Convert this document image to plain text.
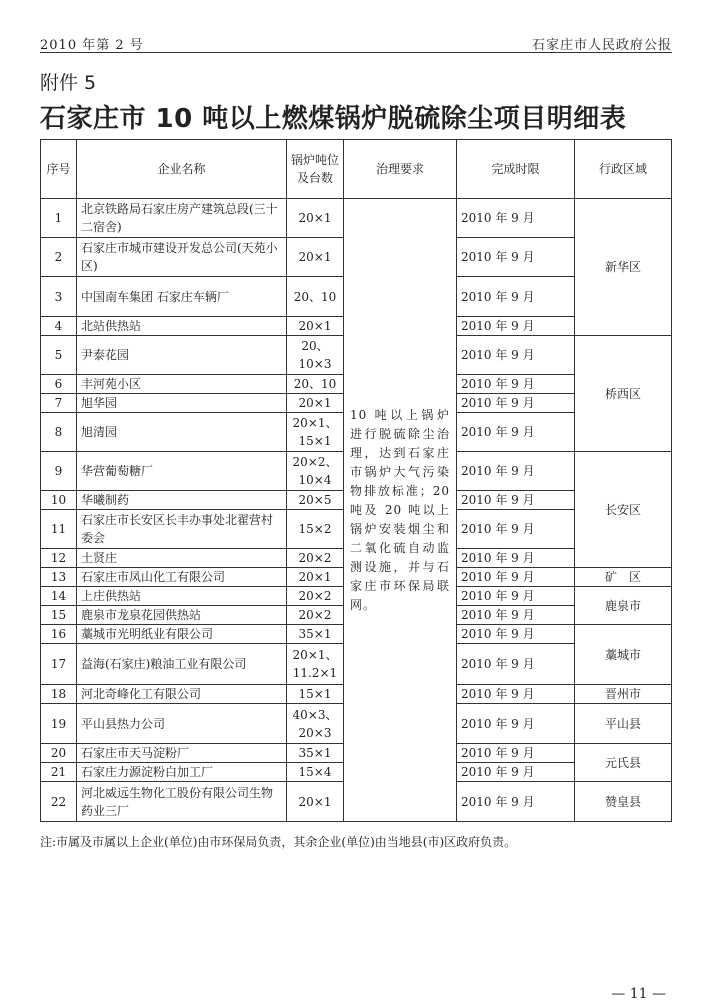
2010 年第 2 号	石家庄市人民政府公报
附件 5
石家庄市 10 吨以上燃煤锅炉脱硫除尘项目明细表
序号	企业名称	锅炉吨位及台数	治理要求	完成时限	行政区域
1	北京铁路局石家庄房产建筑总段(三十二宿舍)	20×1	10 吨以上锅炉进行脱硫除尘治理，达到石家庄市锅炉大气污染物排放标准；20 吨及 20 吨以上锅炉安装烟尘和二氧化硫自动监测设施，并与石家庄市环保局联网。	2010 年 9 月	新华区
2	石家庄市城市建设开发总公司(天苑小区)	20×1		2010 年 9 月	
3	中国南车集团 石家庄车辆厂	20、10		2010 年 9 月	
4	北站供热站	20×1		2010 年 9 月	
5	尹泰花园	20、10×3		2010 年 9 月	桥西区
6	丰河苑小区	20、10		2010 年 9 月	
7	旭华园	20×1		2010 年 9 月	
8	旭清园	20×1、15×1		2010 年 9 月	
9	华营葡萄糖厂	20×2、10×4		2010 年 9 月	长安区
10	华曦制药	20×5		2010 年 9 月	
11	石家庄市长安区长丰办事处北翟营村委会	15×2		2010 年 9 月	
12	土贤庄	20×2		2010 年 9 月	
13	石家庄市凤山化工有限公司	20×1		2010 年 9 月	矿　区
14	上庄供热站	20×2		2010 年 9 月	鹿泉市
15	鹿泉市龙泉花园供热站	20×2		2010 年 9 月	
16	藁城市光明纸业有限公司	35×1		2010 年 9 月	藁城市
17	益海(石家庄)粮油工业有限公司	20×1、11.2×1		2010 年 9 月	
18	河北奇峰化工有限公司	15×1		2010 年 9 月	晋州市
19	平山县热力公司	40×3、20×3		2010 年 9 月	平山县
20	石家庄市天马淀粉厂	35×1		2010 年 9 月	元氏县
21	石家庄力源淀粉白加工厂	15×4		2010 年 9 月	
22	河北威远生物化工股份有限公司生物药业三厂	20×1		2010 年 9 月	赞皇县
注:市属及市属以上企业(单位)由市环保局负责，其余企业(单位)由当地县(市)区政府负责。
— 11 —
